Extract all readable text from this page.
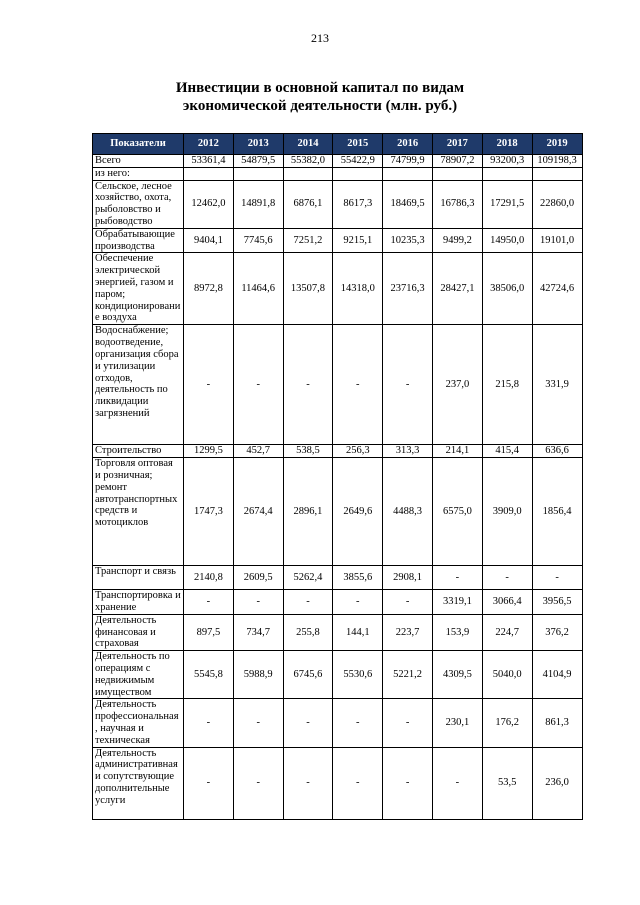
213
Инвестиции в основной капитал по видам
экономической деятельности (млн. руб.)
Показатели	2012	2013	2014	2015	2016	2017	2018	2019
Всего	53361,4	54879,5	55382,0	55422,9	74799,9	78907,2	93200,3	109198,3
из него:								
Сельское, лесное хозяйство, охота, рыболовство и рыбоводство	12462,0	14891,8	6876,1	8617,3	18469,5	16786,3	17291,5	22860,0
Обрабатывающие производства	9404,1	7745,6	7251,2	9215,1	10235,3	9499,2	14950,0	19101,0
Обеспечение электрической энергией, газом и паром; кондиционирование воздуха	8972,8	11464,6	13507,8	14318,0	23716,3	28427,1	38506,0	42724,6
Водоснабжение; водоотведение, организация сбора и утилизации отходов, деятельность по ликвидации загрязнений	-	-	-	-	-	237,0	215,8	331,9
Строительство	1299,5	452,7	538,5	256,3	313,3	214,1	415,4	636,6
Торговля оптовая и розничная; ремонт автотранспортных средств и мотоциклов	1747,3	2674,4	2896,1	2649,6	4488,3	6575,0	3909,0	1856,4
Транспорт и связь	2140,8	2609,5	5262,4	3855,6	2908,1	-	-	-
Транспортировка и хранение	-	-	-	-	-	3319,1	3066,4	3956,5
Деятельность финансовая и страховая	897,5	734,7	255,8	144,1	223,7	153,9	224,7	376,2
Деятельность по операциям с недвижимым имуществом	5545,8	5988,9	6745,6	5530,6	5221,2	4309,5	5040,0	4104,9
Деятельность профессиональная, научная и техническая	-	-	-	-	-	230,1	176,2	861,3
Деятельность административная и сопутствующие дополнительные услуги	-	-	-	-	-	-	53,5	236,0
